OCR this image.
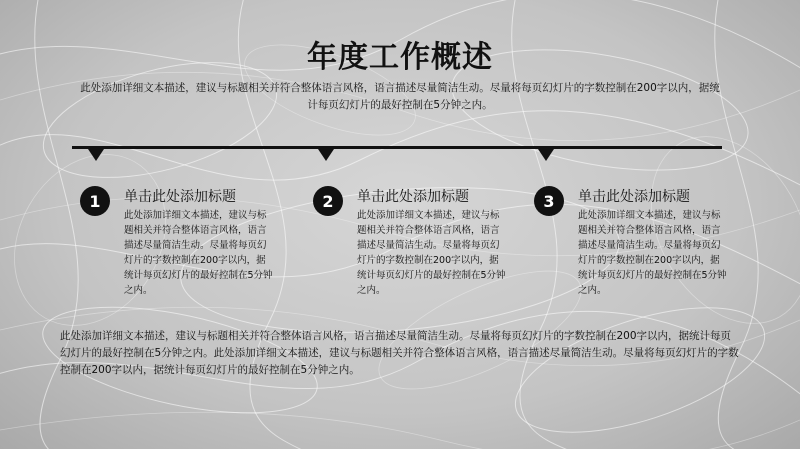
年度工作概述
此处添加详细文本描述，建议与标题相关并符合整体语言风格，语言描述尽量简洁生动。尽量将每页幻灯片的字数控制在200字以内，据统计每页幻灯片的最好控制在5分钟之内。
1	单击此处添加标题
此处添加详细文本描述，建议与标题相关并符合整体语言风格，语言描述尽量简洁生动。尽量将每页幻灯片的字数控制在200字以内，据统计每页幻灯片的最好控制在5分钟之内。
2	单击此处添加标题
此处添加详细文本描述，建议与标题相关并符合整体语言风格，语言描述尽量简洁生动。尽量将每页幻灯片的字数控制在200字以内，据统计每页幻灯片的最好控制在5分钟之内。
3	单击此处添加标题
此处添加详细文本描述，建议与标题相关并符合整体语言风格，语言描述尽量简洁生动。尽量将每页幻灯片的字数控制在200字以内，据统计每页幻灯片的最好控制在5分钟之内。
此处添加详细文本描述，建议与标题相关并符合整体语言风格，语言描述尽量简洁生动。尽量将每页幻灯片的字数控制在200字以内，据统计每页幻灯片的最好控制在5分钟之内。此处添加详细文本描述，建议与标题相关并符合整体语言风格，语言描述尽量简洁生动。尽量将每页幻灯片的字数控制在200字以内，据统计每页幻灯片的最好控制在5分钟之内。
